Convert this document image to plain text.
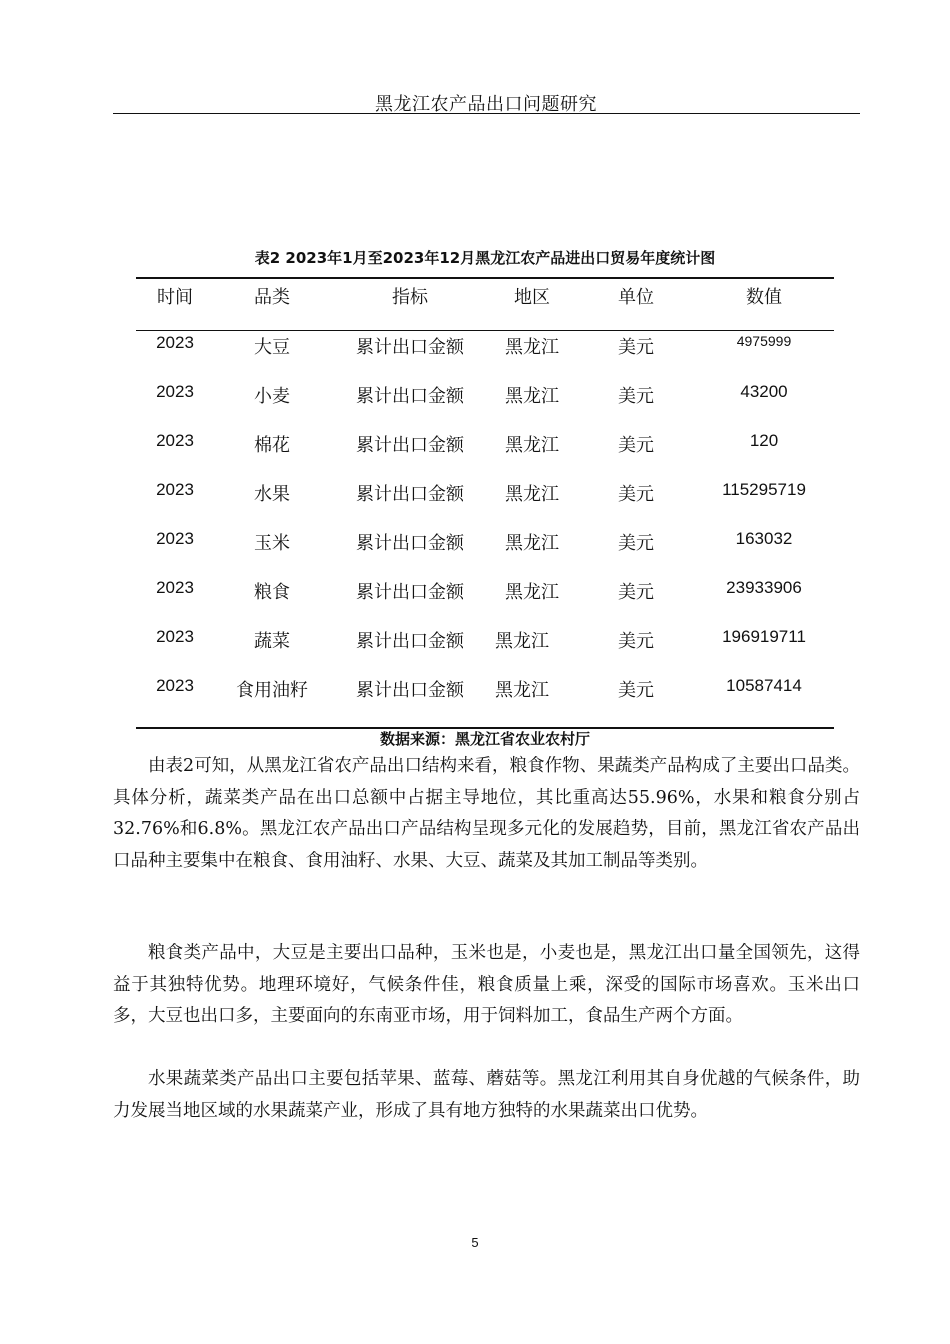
黑龙江农产品出口问题研究
表2 2023年1月至2023年12月黑龙江农产品进出口贸易年度统计图
时间	品类	指标	地区	单位	数值
2023	大豆	累计出口金额	黑龙江	美元	4975999
2023	小麦	累计出口金额	黑龙江	美元	43200
2023	棉花	累计出口金额	黑龙江	美元	120
2023	水果	累计出口金额	黑龙江	美元	115295719
2023	玉米	累计出口金额	黑龙江	美元	163032
2023	粮食	累计出口金额	黑龙江	美元	23933906
2023	蔬菜	累计出口金额	黑龙江	美元	196919711
2023	食用油籽	累计出口金额	黑龙江	美元	10587414
数据来源：黑龙江省农业农村厅

由表2可知，从黑龙江省农产品出口结构来看，粮食作物、果蔬类产品构成了主要出口品类。具体分析，蔬菜类产品在出口总额中占据主导地位，其比重高达55.96%，水果和粮食分别占32.76%和6.8%。黑龙江农产品出口产品结构呈现多元化的发展趋势，目前，黑龙江省农产品出口品种主要集中在粮食、食用油籽、水果、大豆、蔬菜及其加工制品等类别。

粮食类产品中，大豆是主要出口品种，玉米也是，小麦也是，黑龙江出口量全国领先，这得益于其独特优势。地理环境好，气候条件佳，粮食质量上乘，深受的国际市场喜欢。玉米出口多，大豆也出口多，主要面向的东南亚市场，用于饲料加工，食品生产两个方面。

水果蔬菜类产品出口主要包括苹果、蓝莓、蘑菇等。黑龙江利用其自身优越的气候条件，助力发展当地区域的水果蔬菜产业，形成了具有地方独特的水果蔬菜出口优势。

5
